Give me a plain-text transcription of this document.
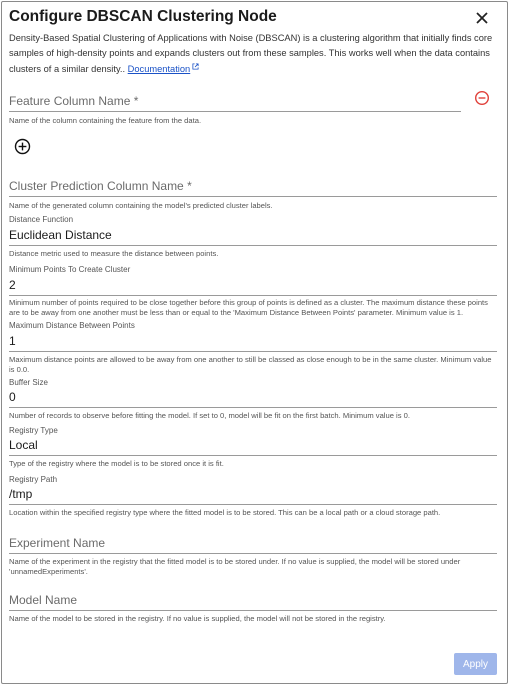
Configure DBSCAN Clustering Node
Density-Based Spatial Clustering of Applications with Noise (DBSCAN) is a clustering algorithm that initially finds core samples of high-density points and expands clusters out from these samples. This works well when the data contains clusters of a similar density.. Documentation
Feature Column Name *
Name of the column containing the feature from the data.
Cluster Prediction Column Name *
Name of the generated column containing the model's predicted cluster labels.
Distance Function
Euclidean Distance
Distance metric used to measure the distance between points.
Minimum Points To Create Cluster
2
Minimum number of points required to be close together before this group of points is defined as a cluster. The maximum distance these points are to be away from one another must be less than or equal to the 'Maximum Distance Between Points' parameter. Minimum value is 1.
Maximum Distance Between Points
1
Maximum distance points are allowed to be away from one another to still be classed as close enough to be in the same cluster. Minimum value is 0.0.
Buffer Size
0
Number of records to observe before fitting the model. If set to 0, model will be fit on the first batch. Minimum value is 0.
Registry Type
Local
Type of the registry where the model is to be stored once it is fit.
Registry Path
/tmp
Location within the specified registry type where the fitted model is to be stored. This can be a local path or a cloud storage path.
Experiment Name
Name of the experiment in the registry that the fitted model is to be stored under. If no value is supplied, the model will be stored under 'unnamedExperiments'.
Model Name
Name of the model to be stored in the registry. If no value is supplied, the model will not be stored in the registry.
Apply
